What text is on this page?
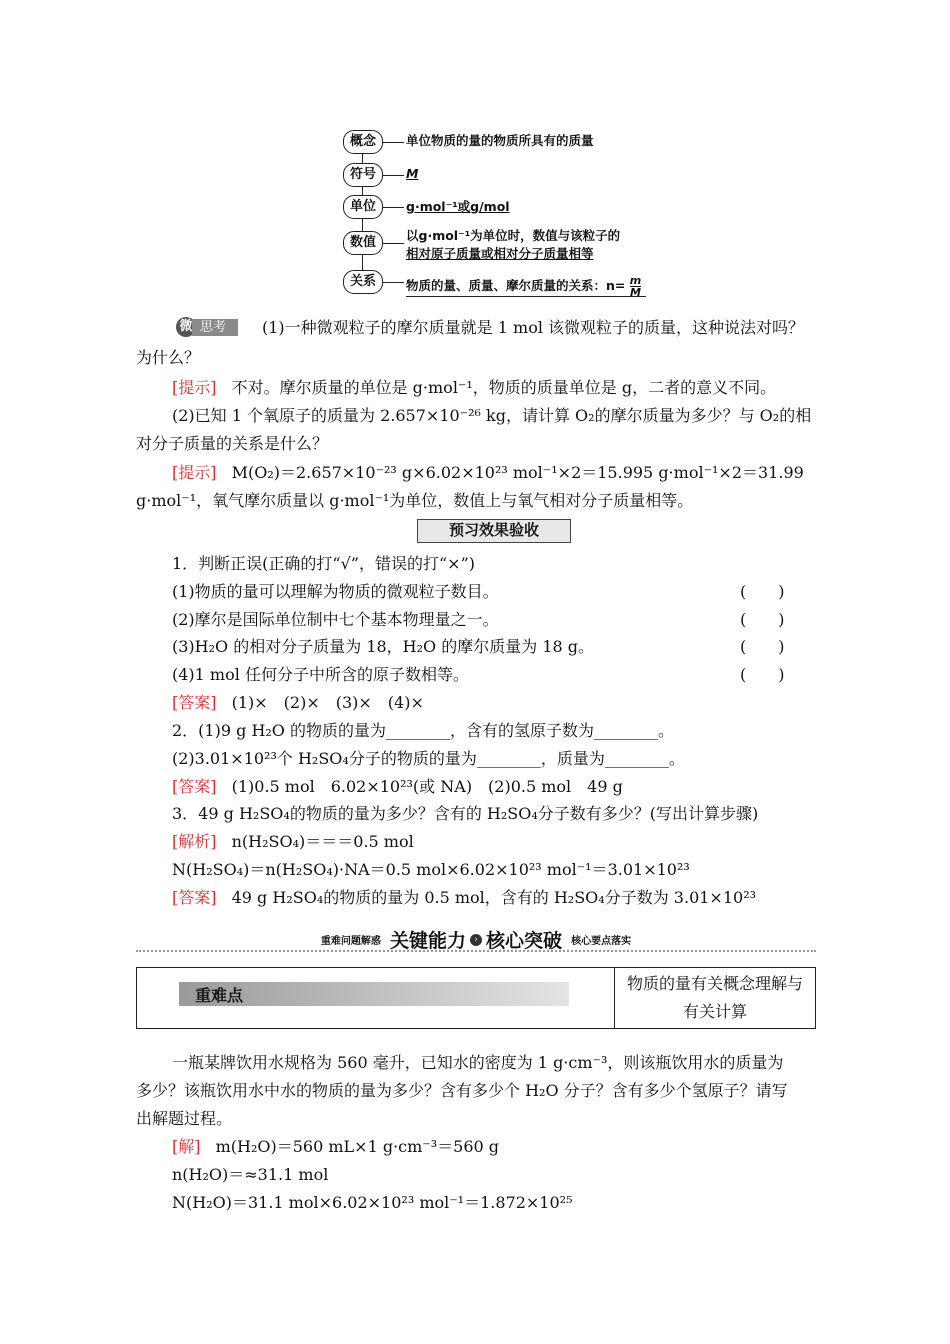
概念	单位物质的量的物质所具有的质量
符号	M
单位	g·mol⁻¹或g/mol
数值	以g·mol⁻¹为单位时，数值与该粒子的
相对原子质量或相对分子质量相等
关系	物质的量、质量、摩尔质量的关系：$n= \frac{m}{M}$
微 思考	(1)一种微观粒子的摩尔质量就是 1 mol 该微观粒子的质量，这种说法对吗？
为什么？
[提示] 不对。摩尔质量的单位是 g·mol⁻¹，物质的质量单位是 g，二者的意义不同。
(2)已知 1 个氧原子的质量为 2.657×10⁻²⁶ kg，请计算 O₂的摩尔质量为多少？与 O₂的相
对分子质量的关系是什么？
[提示] M(O₂)＝2.657×10⁻²³ g×6.02×10²³ mol⁻¹×2＝15.995 g·mol⁻¹×2＝31.99
g·mol⁻¹，氧气摩尔质量以 g·mol⁻¹为单位，数值上与氧气相对分子质量相等。
预习效果验收
1．判断正误(正确的打“√”，错误的打“×”)
(1)物质的量可以理解为物质的微观粒子数目。	(　　)
(2)摩尔是国际单位制中七个基本物理量之一。	(　　)
(3)H₂O 的相对分子质量为 18，H₂O 的摩尔质量为 18 g。	(　　)
(4)1 mol 任何分子中所含的原子数相等。	(　　)
[答案] (1)×　(2)×　(3)×　(4)×
2．(1)9 g H₂O 的物质的量为________，含有的氢原子数为________。
(2)3.01×10²³个 H₂SO₄分子的物质的量为________，质量为________。
[答案] (1)0.5 mol　6.02×10²³(或 NA)　(2)0.5 mol　49 g
3．49 g H₂SO₄的物质的量为多少？含有的 H₂SO₄分子数有多少？(写出计算步骤)
[解析] n(H₂SO₄)＝＝＝0.5 mol
N(H₂SO₄)＝n(H₂SO₄)·NA＝0.5 mol×6.02×10²³ mol⁻¹＝3.01×10²³
[答案] 49 g H₂SO₄的物质的量为 0.5 mol，含有的 H₂SO₄分子数为 3.01×10²³
重难问题解惑 关键能力 › 核心突破 核心要点落实
重难点
物质的量有关概念理解与
有关计算
一瓶某牌饮用水规格为 560 毫升，已知水的密度为 1 g·cm⁻³，则该瓶饮用水的质量为
多少？该瓶饮用水中水的物质的量为多少？含有多少个 H₂O 分子？含有多少个氢原子？请写
出解题过程。
[解] m(H₂O)＝560 mL×1 g·cm⁻³＝560 g
n(H₂O)＝≈31.1 mol
N(H₂O)＝31.1 mol×6.02×10²³ mol⁻¹＝1.872×10²⁵
